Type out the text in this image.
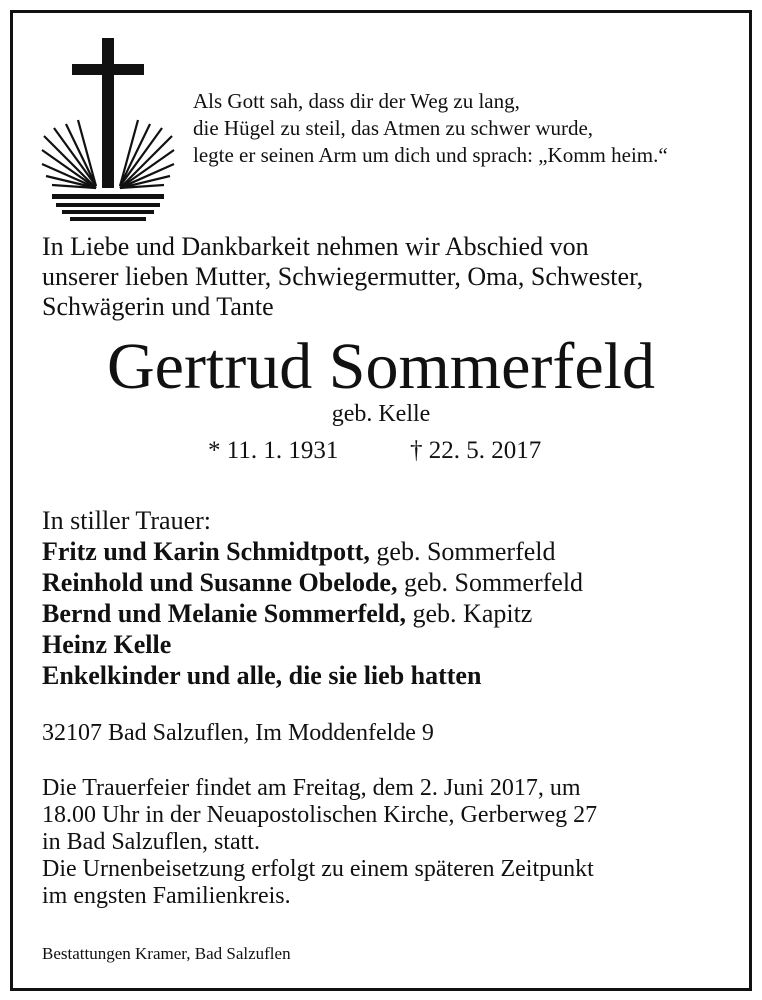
Als Gott sah, dass dir der Weg zu lang,
die Hügel zu steil, das Atmen zu schwer wurde,
legte er seinen Arm um dich und sprach: „Komm heim.“
In Liebe und Dankbarkeit nehmen wir Abschied von
unserer lieben Mutter, Schwiegermutter, Oma, Schwester,
Schwägerin und Tante
Gertrud Sommerfeld
geb. Kelle
* 11. 1. 1931	† 22. 5. 2017
In stiller Trauer:
Fritz und Karin Schmidtpott, geb. Sommerfeld
Reinhold und Susanne Obelode, geb. Sommerfeld
Bernd und Melanie Sommerfeld, geb. Kapitz
Heinz Kelle
Enkelkinder und alle, die sie lieb hatten
32107 Bad Salzuflen, Im Moddenfelde 9
Die Trauerfeier findet am Freitag, dem 2. Juni 2017, um
18.00 Uhr in der Neuapostolischen Kirche, Gerberweg 27
in Bad Salzuflen, statt.
Die Urnenbeisetzung erfolgt zu einem späteren Zeitpunkt
im engsten Familienkreis.
Bestattungen Kramer, Bad Salzuflen
